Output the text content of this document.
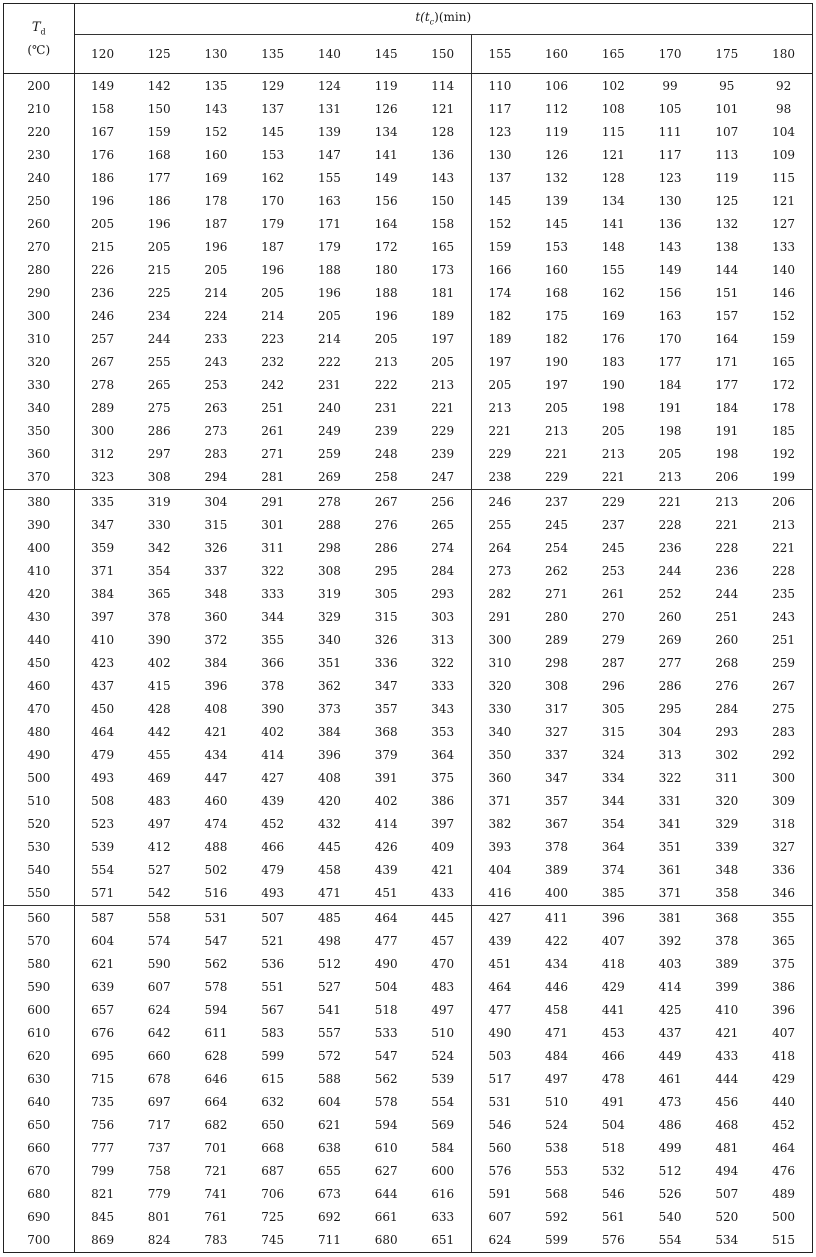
$T_d$
(℃)	$t(t_c)(\min)$												
	120	125	130	135	140	145	150	155	160	165	170	175	180
200	149	142	135	129	124	119	114	110	106	102	99	95	92
210	158	150	143	137	131	126	121	117	112	108	105	101	98
220	167	159	152	145	139	134	128	123	119	115	111	107	104
230	176	168	160	153	147	141	136	130	126	121	117	113	109
240	186	177	169	162	155	149	143	137	132	128	123	119	115
250	196	186	178	170	163	156	150	145	139	134	130	125	121
260	205	196	187	179	171	164	158	152	145	141	136	132	127
270	215	205	196	187	179	172	165	159	153	148	143	138	133
280	226	215	205	196	188	180	173	166	160	155	149	144	140
290	236	225	214	205	196	188	181	174	168	162	156	151	146
300	246	234	224	214	205	196	189	182	175	169	163	157	152
310	257	244	233	223	214	205	197	189	182	176	170	164	159
320	267	255	243	232	222	213	205	197	190	183	177	171	165
330	278	265	253	242	231	222	213	205	197	190	184	177	172
340	289	275	263	251	240	231	221	213	205	198	191	184	178
350	300	286	273	261	249	239	229	221	213	205	198	191	185
360	312	297	283	271	259	248	239	229	221	213	205	198	192
370	323	308	294	281	269	258	247	238	229	221	213	206	199
380	335	319	304	291	278	267	256	246	237	229	221	213	206
390	347	330	315	301	288	276	265	255	245	237	228	221	213
400	359	342	326	311	298	286	274	264	254	245	236	228	221
410	371	354	337	322	308	295	284	273	262	253	244	236	228
420	384	365	348	333	319	305	293	282	271	261	252	244	235
430	397	378	360	344	329	315	303	291	280	270	260	251	243
440	410	390	372	355	340	326	313	300	289	279	269	260	251
450	423	402	384	366	351	336	322	310	298	287	277	268	259
460	437	415	396	378	362	347	333	320	308	296	286	276	267
470	450	428	408	390	373	357	343	330	317	305	295	284	275
480	464	442	421	402	384	368	353	340	327	315	304	293	283
490	479	455	434	414	396	379	364	350	337	324	313	302	292
500	493	469	447	427	408	391	375	360	347	334	322	311	300
510	508	483	460	439	420	402	386	371	357	344	331	320	309
520	523	497	474	452	432	414	397	382	367	354	341	329	318
530	539	412	488	466	445	426	409	393	378	364	351	339	327
540	554	527	502	479	458	439	421	404	389	374	361	348	336
550	571	542	516	493	471	451	433	416	400	385	371	358	346
560	587	558	531	507	485	464	445	427	411	396	381	368	355
570	604	574	547	521	498	477	457	439	422	407	392	378	365
580	621	590	562	536	512	490	470	451	434	418	403	389	375
590	639	607	578	551	527	504	483	464	446	429	414	399	386
600	657	624	594	567	541	518	497	477	458	441	425	410	396
610	676	642	611	583	557	533	510	490	471	453	437	421	407
620	695	660	628	599	572	547	524	503	484	466	449	433	418
630	715	678	646	615	588	562	539	517	497	478	461	444	429
640	735	697	664	632	604	578	554	531	510	491	473	456	440
650	756	717	682	650	621	594	569	546	524	504	486	468	452
660	777	737	701	668	638	610	584	560	538	518	499	481	464
670	799	758	721	687	655	627	600	576	553	532	512	494	476
680	821	779	741	706	673	644	616	591	568	546	526	507	489
690	845	801	761	725	692	661	633	607	592	561	540	520	500
700	869	824	783	745	711	680	651	624	599	576	554	534	515
